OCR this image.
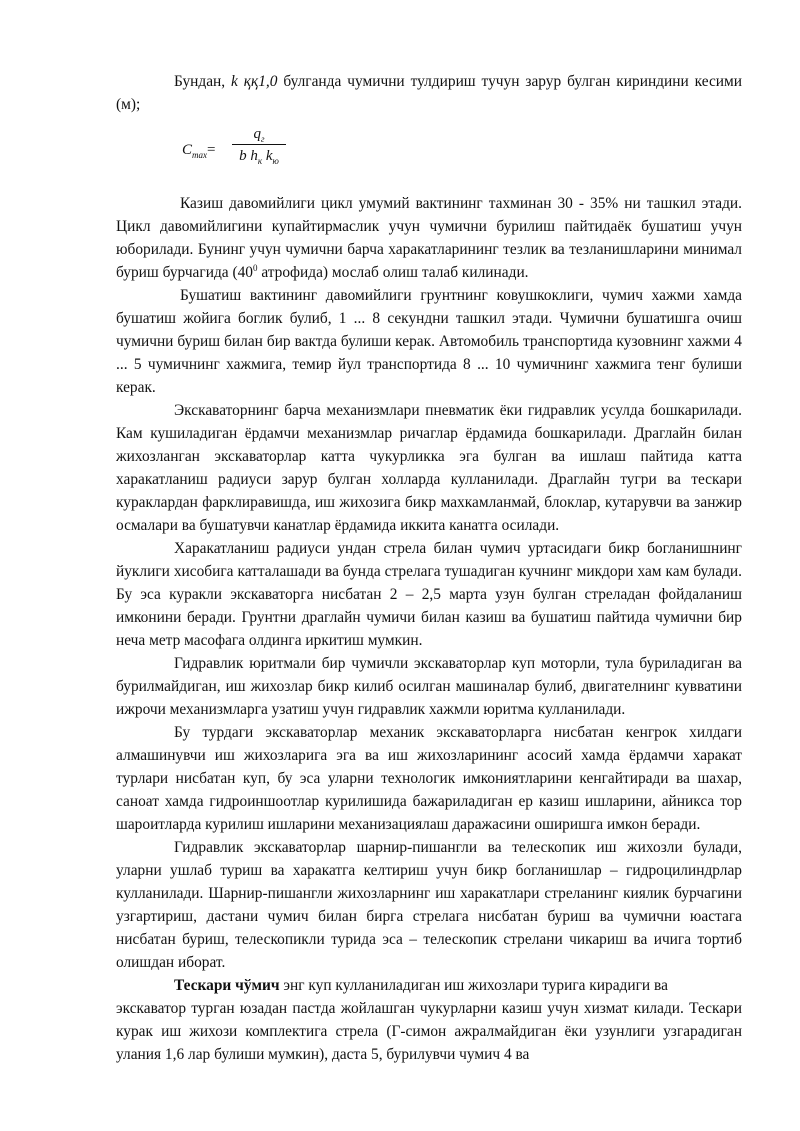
Бундан, k ққ1,0 булганда чумични тулдириш тучун зарур булган кириндини кесими (м);

$C_{max}=$
$q_г$
b $h_к$ $k_ю$

Казиш давомийлиги цикл умумий вактининг тахминан 30 - 35% ни ташкил этади. Цикл давомийлигини купайтирмаслик учун чумични бурилиш пайтидаёк бушатиш учун юборилади. Бунинг учун чумични барча харакатларининг тезлик ва тезланишларини минимал буриш бурчагида ($40^0$ атрофида) мослаб олиш талаб килинади.

Бушатиш вактининг давомийлиги грунтнинг ковушкоклиги, чумич хажми хамда бушатиш жойига боглик булиб, 1 ... 8 секундни ташкил этади. Чумични бушатишга очиш чумични буриш билан бир вактда булиши керак. Автомобиль транспортида кузовнинг хажми 4 ... 5 чумичнинг хажмига, темир йул транспортида 8 ... 10 чумичнинг хажмига тенг булиши керак.

Экскаваторнинг барча механизмлари пневматик ёки гидравлик усулда бошкарилади. Кам кушиладиган ёрдамчи механизмлар ричаглар ёрдамида бошкарилади. Драглайн билан жихозланган экскаваторлар катта чукурликка эга булган ва ишлаш пайтида катта харакатланиш радиуси зарур булган холларда кулланилади. Драглайн тугри ва тескари кураклардан фарклиравишда, иш жихозига бикр махкамланмай, блоклар, кутарувчи ва занжир осмалари ва бушатувчи канатлар ёрдамида иккита канатга осилади.

Харакатланиш радиуси ундан стрела билан чумич уртасидаги бикр богланишнинг йуклиги хисобига катталашади ва бунда стрелага тушадиган кучнинг микдори хам кам булади. Бу эса куракли экскаваторга нисбатан 2 – 2,5 марта узун булган стреладан фойдаланиш имконини беради. Грунтни драглайн чумичи билан казиш ва бушатиш пайтида чумични бир неча метр масофага олдинга иркитиш мумкин.

Гидравлик юритмали бир чумичли экскаваторлар куп моторли, тула буриладиган ва бурилмайдиган, иш жихозлар бикр килиб осилган машиналар булиб, двигателнинг кувватини ижрочи механизмларга узатиш учун гидравлик хажмли юритма кулланилади.

Бу турдаги экскаваторлар механик экскаваторларга нисбатан кенгрок хилдаги алмашинувчи иш жихозларига эга ва иш жихозларининг асосий хамда ёрдамчи харакат турлари нисбатан куп, бу эса уларни технологик имкониятларини кенгайтиради ва шахар, саноат хамда гидроиншоотлар курилишида бажариладиган ер казиш ишларини, айникса тор шароитларда курилиш ишларини механизациялаш даражасини оширишга имкон беради.

Гидравлик экскаваторлар шарнир-пишангли ва телескопик иш жихозли булади, уларни ушлаб туриш ва харакатга келтириш учун бикр богланишлар – гидроцилиндрлар кулланилади. Шарнир-пишангли жихозларнинг иш харакатлари стреланинг киялик бурчагини узгартириш, дастани чумич билан бирга стрелага нисбатан буриш ва чумични юастага нисбатан буриш, телескопикли турида эса – телескопик стрелани чикариш ва ичига тортиб олишдан иборат.

Тескари чўмич энг куп кулланиладиган иш жихозлари турига кирадиги ва

экскаватор турган юзадан пастда жойлашган чукурларни казиш учун хизмат килади. Тескари курак иш жихози комплектига стрела (Г-симон ажралмайдиган ёки узунлиги узгарадиган улания 1,6 лар булиши мумкин), даста 5, бурилувчи чумич 4 ва
